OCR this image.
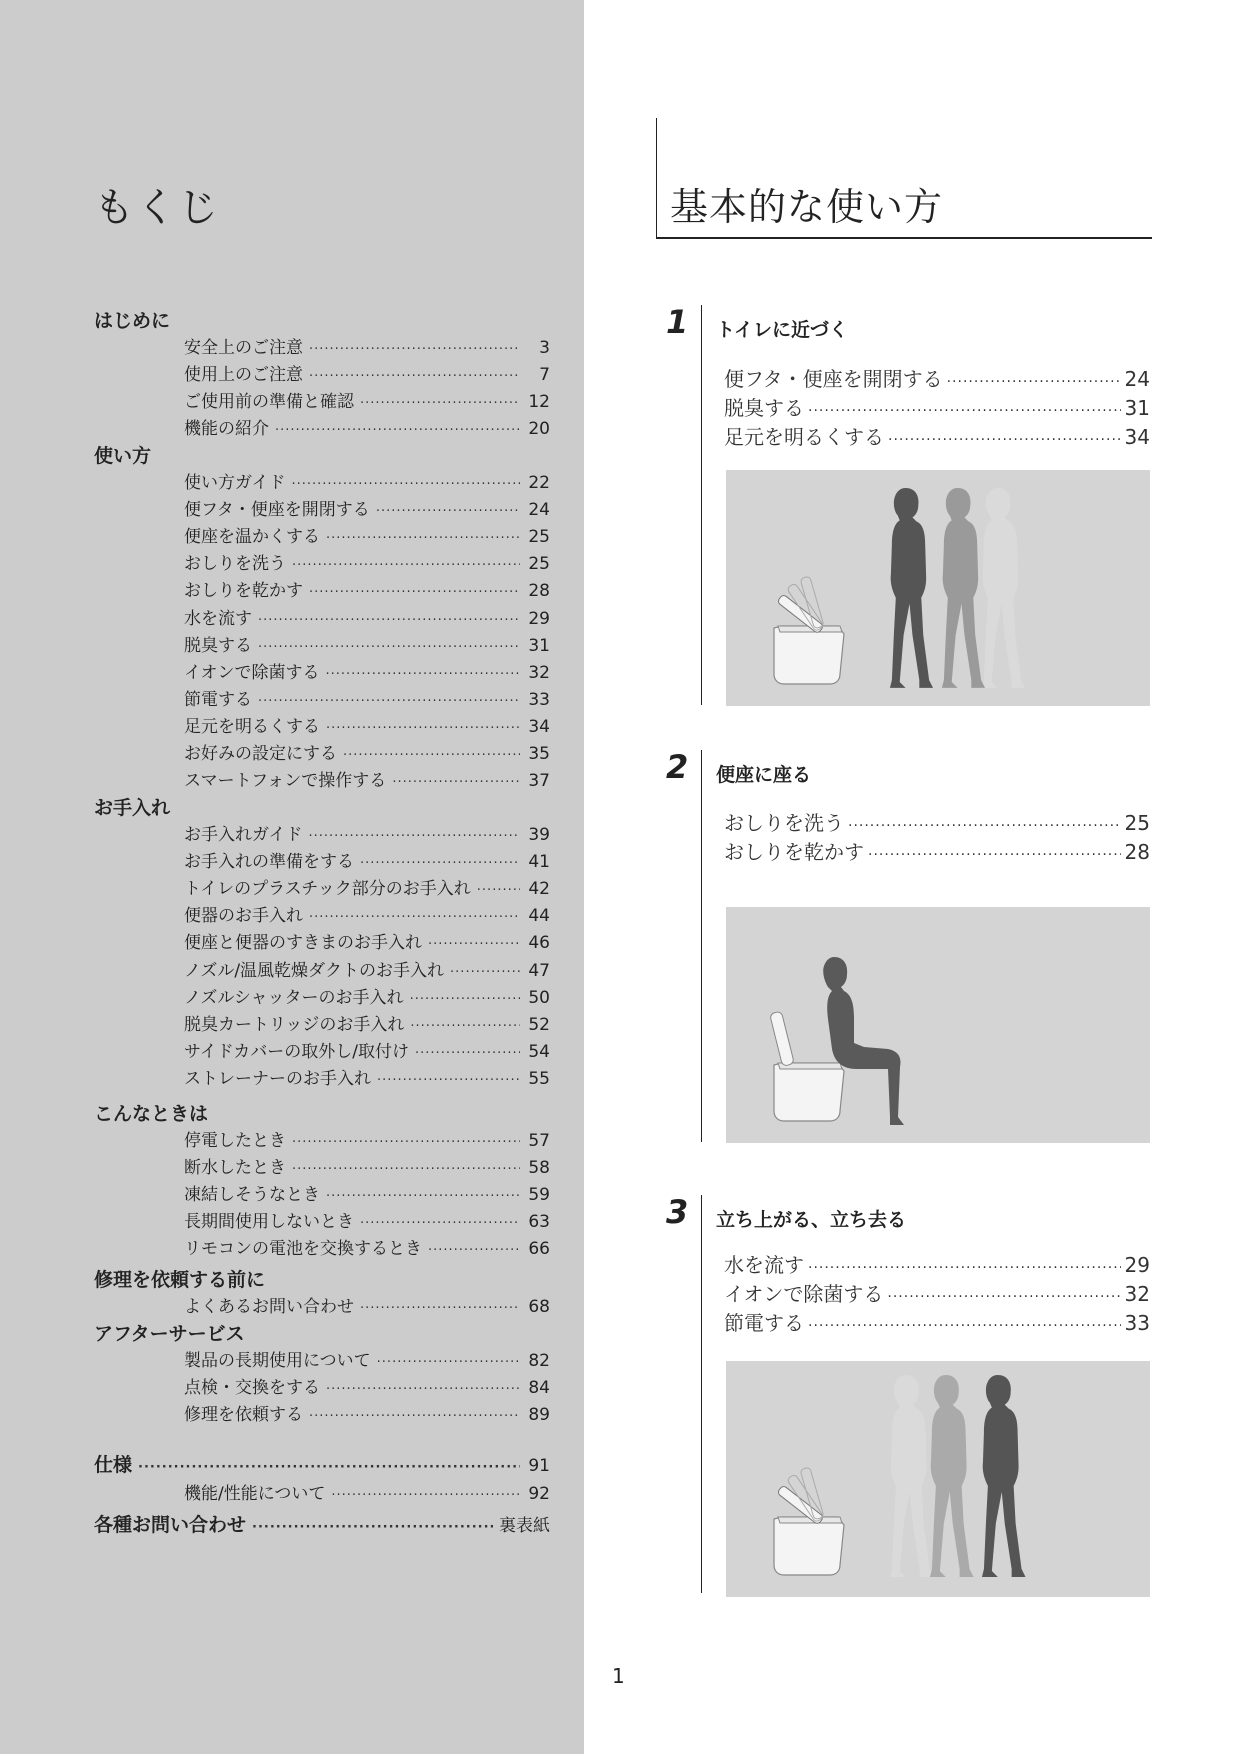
もくじ
はじめに
安全上のご注意 ·····	3
使用上のご注意 ·····	7
ご使用前の準備と確認 ·····	12
機能の紹介 ·····	20
使い方
使い方ガイド ·····	22
便フタ・便座を開閉する ·····	24
便座を温かくする ·····	25
おしりを洗う ·····	25
おしりを乾かす ·····	28
水を流す ·····	29
脱臭する ·····	31
イオンで除菌する ·····	32
節電する ·····	33
足元を明るくする ·····	34
お好みの設定にする ·····	35
スマートフォンで操作する ·····	37
お手入れ
お手入れガイド ·····	39
お手入れの準備をする ·····	41
トイレのプラスチック部分のお手入れ ·····	42
便器のお手入れ ·····	44
便座と便器のすきまのお手入れ ·····	46
ノズル/温風乾燥ダクトのお手入れ ·····	47
ノズルシャッターのお手入れ ·····	50
脱臭カートリッジのお手入れ ·····	52
サイドカバーの取外し/取付け ·····	54
ストレーナーのお手入れ ·····	55
こんなときは
停電したとき ·····	57
断水したとき ·····	58
凍結しそうなとき ·····	59
長期間使用しないとき ·····	63
リモコンの電池を交換するとき ·····	66
修理を依頼する前に
よくあるお問い合わせ ·····	68
アフターサービス
製品の長期使用について ·····	82
点検・交換をする ·····	84
修理を依頼する ·····	89
仕様 ·····	91
機能/性能について ·····	92
各種お問い合わせ ·····	裏表紙
基本的な使い方
1 トイレに近づく
便フタ・便座を開閉する ·····	24
脱臭する ·····	31
足元を明るくする ·····	34
2 便座に座る
おしりを洗う ·····	25
おしりを乾かす ·····	28
3 立ち上がる、立ち去る
水を流す ·····	29
イオンで除菌する ·····	32
節電する ·····	33
1
